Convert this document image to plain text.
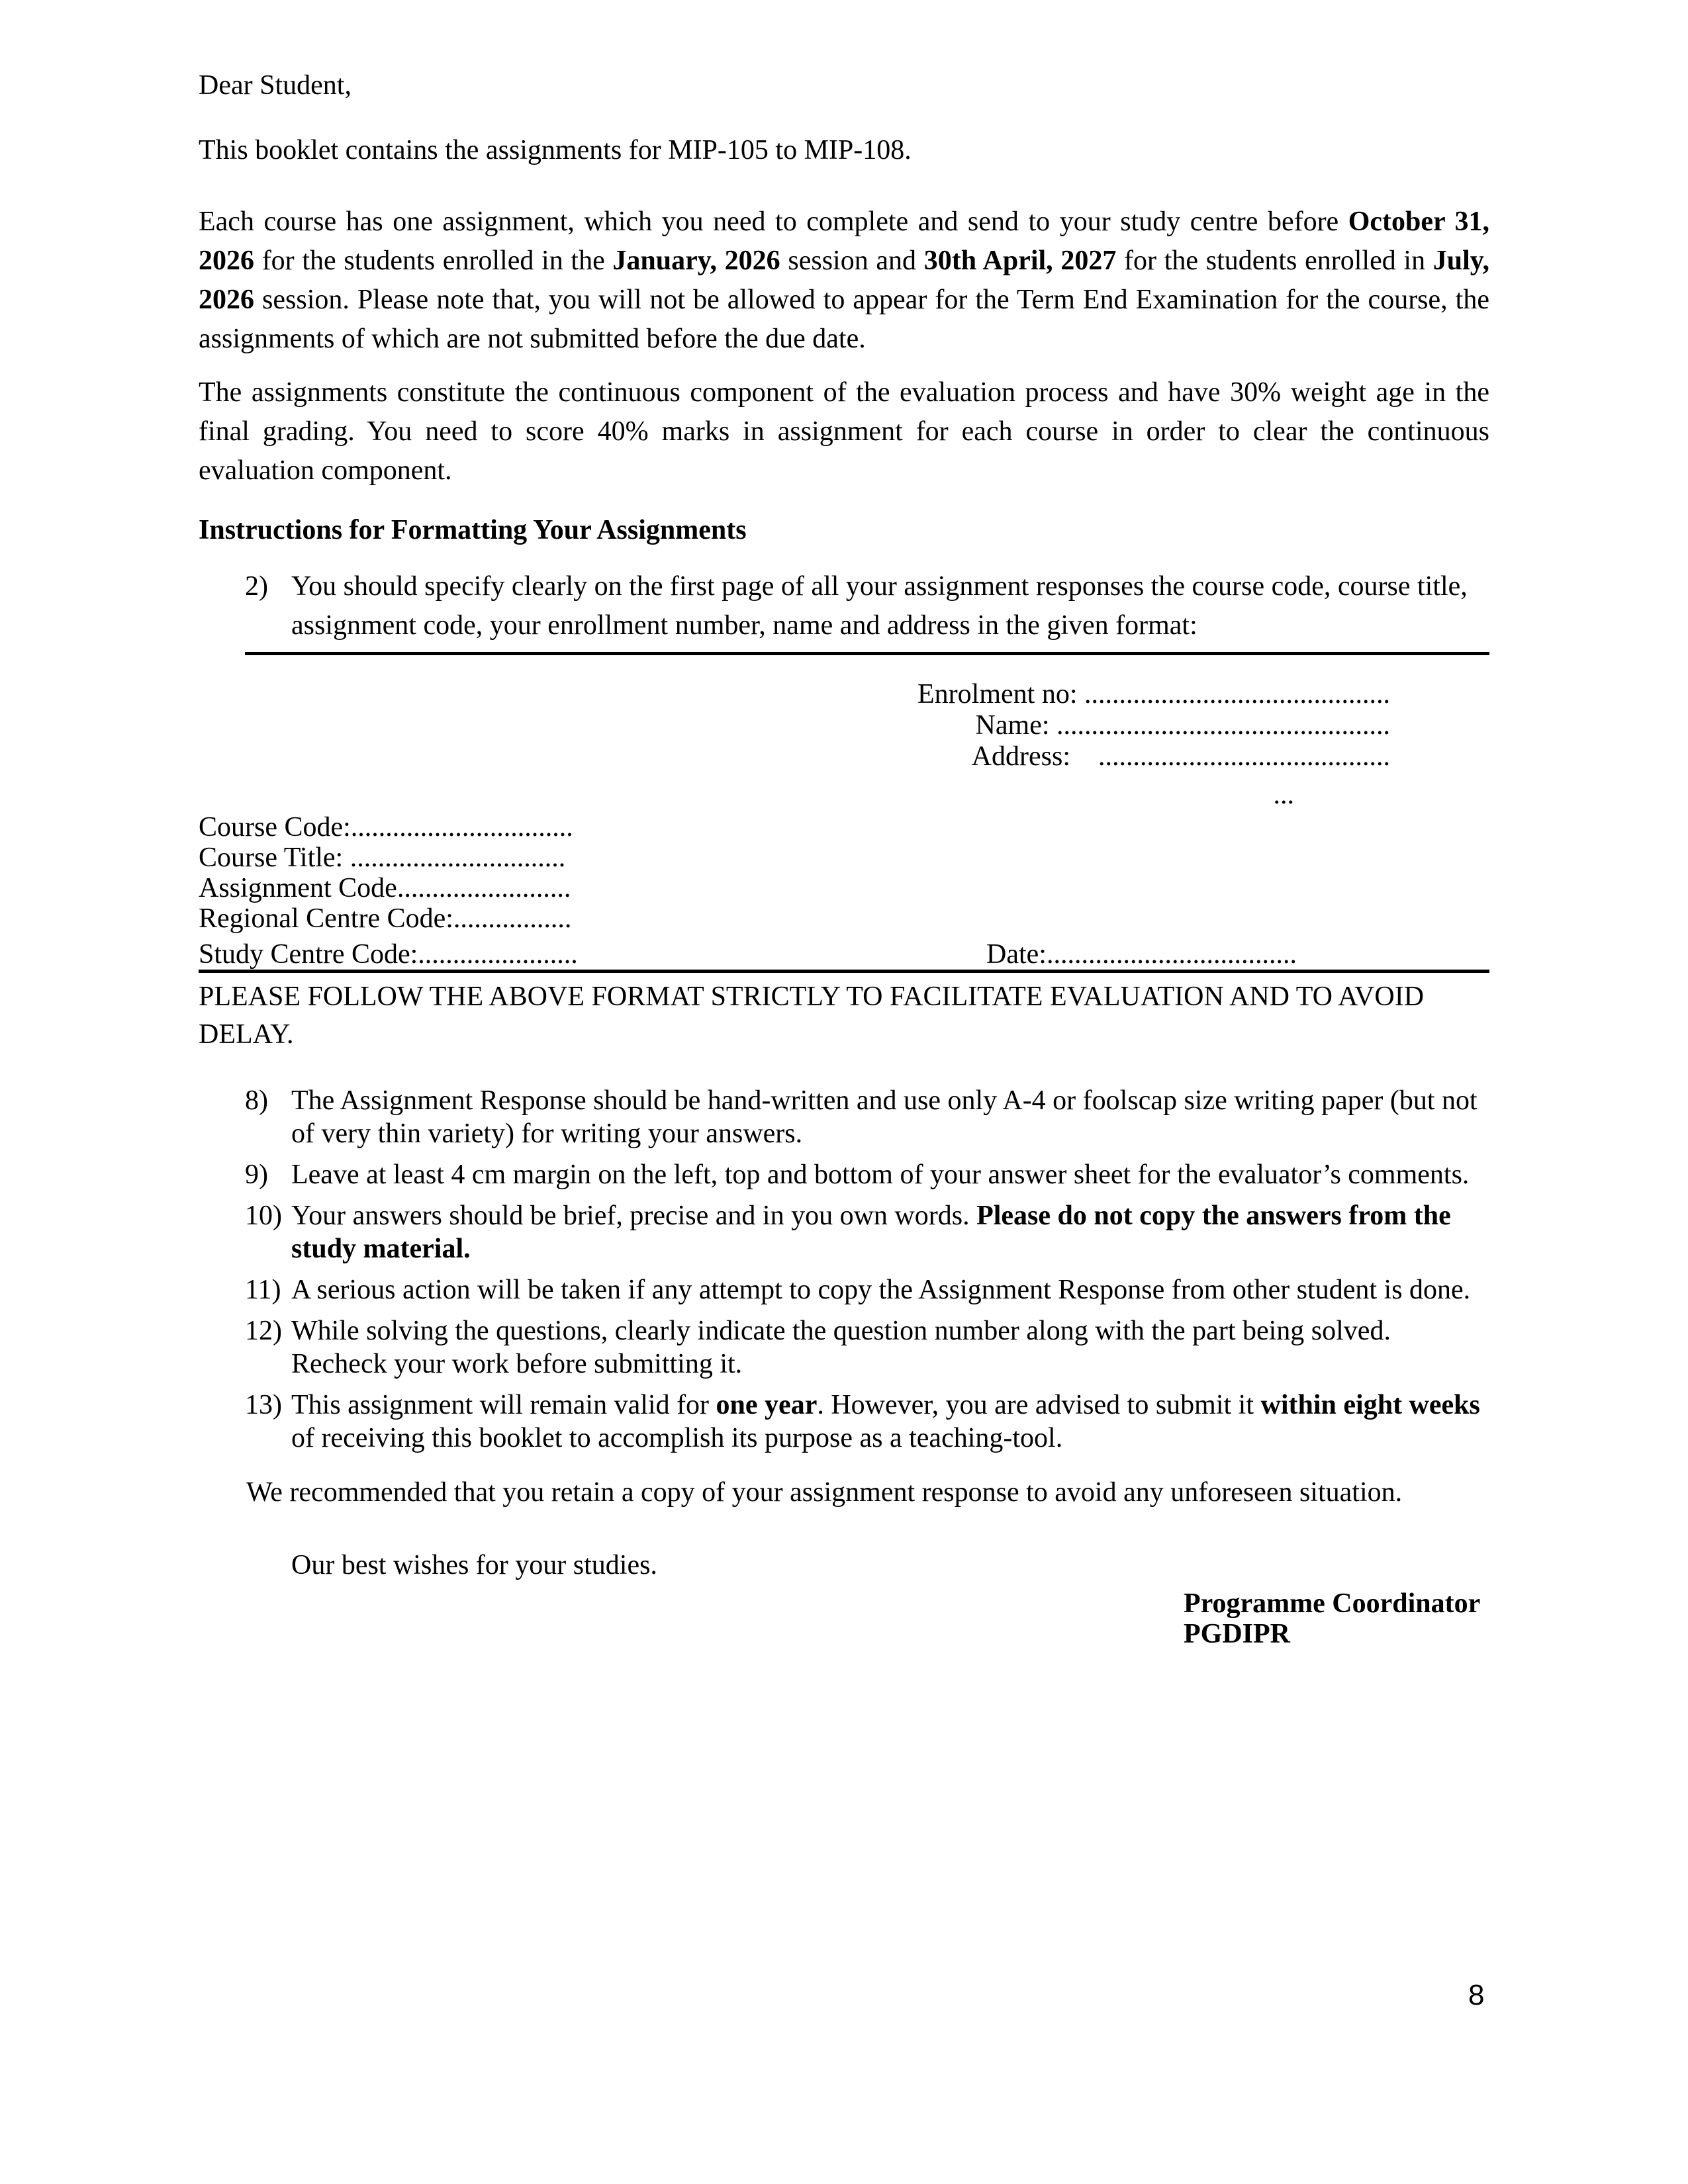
Dear Student,
This booklet contains the assignments for MIP-105 to MIP-108.

Each course has one assignment, which you need to complete and send to your study centre before October 31, 2026 for the students enrolled in the January, 2026 session and 30th April, 2027 for the students enrolled in July, 2026 session. Please note that, you will not be allowed to appear for the Term End Examination for the course, the assignments of which are not submitted before the due date.

The assignments constitute the continuous component of the evaluation process and have 30% weight age in the final grading. You need to score 40% marks in assignment for each course in order to clear the continuous evaluation component.

Instructions for Formatting Your Assignments
2) You should specify clearly on the first page of all your assignment responses the course code, course title, assignment code, your enrollment number, name and address in the given format:
Enrolment no: ............................................
Name: ................................................
Address:    ..........................................
...
Course Code:................................
Course Title: ...............................
Assignment Code.........................
Regional Centre Code:.................
Study Centre Code:.......................	Date:....................................
PLEASE FOLLOW THE ABOVE FORMAT STRICTLY TO FACILITATE EVALUATION AND TO AVOID DELAY.
8) The Assignment Response should be hand-written and use only A-4 or foolscap size writing paper (but not of very thin variety) for writing your answers.
9) Leave at least 4 cm margin on the left, top and bottom of your answer sheet for the evaluator’s comments.
10) Your answers should be brief, precise and in you own words. Please do not copy the answers from the study material.
11) A serious action will be taken if any attempt to copy the Assignment Response from other student is done.
12) While solving the questions, clearly indicate the question number along with the part being solved. Recheck your work before submitting it.
13) This assignment will remain valid for one year. However, you are advised to submit it within eight weeks of receiving this booklet to accomplish its purpose as a teaching-tool.
We recommended that you retain a copy of your assignment response to avoid any unforeseen situation.
Our best wishes for your studies.
Programme Coordinator
PGDIPR
8
